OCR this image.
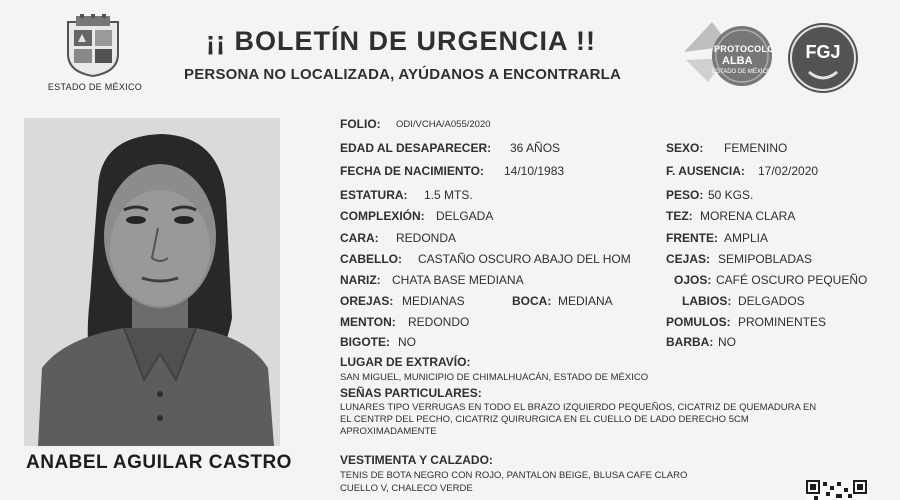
ESTADO DE MÉXICO
¡¡ BOLETÍN DE URGENCIA !!
PERSONA NO LOCALIZADA, AYÚDANOS A ENCONTRARLA
PROTOCOLO
ALBA
ESTADO DE MÉXICO
FGJ
ANABEL AGUILAR CASTRO
FOLIO: ODI/VCHA/A055/2020
EDAD AL DESAPARECER: 36 AÑOS
FECHA DE NACIMIENTO: 14/10/1983
ESTATURA: 1.5 MTS.
COMPLEXIÓN: DELGADA
CARA: REDONDA
CABELLO: CASTAÑO OSCURO ABAJO DEL HOM
NARIZ: CHATA BASE MEDIANA
OREJAS: MEDIANAS	BOCA: MEDIANA
MENTON: REDONDO
BIGOTE: NO
SEXO: FEMENINO
F. AUSENCIA: 17/02/2020
PESO: 50 KGS.
TEZ: MORENA CLARA
FRENTE: AMPLIA
CEJAS: SEMIPOBLADAS
OJOS: CAFÉ OSCURO PEQUEÑO
LABIOS: DELGADOS
POMULOS: PROMINENTES
BARBA: NO
LUGAR DE EXTRAVÍO:
SAN MIGUEL, MUNICIPIO DE CHIMALHUACÁN, ESTADO DE MÉXICO
SEÑAS PARTICULARES:
LUNARES TIPO VERRUGAS EN TODO EL BRAZO IZQUIERDO PEQUEÑOS, CICATRIZ DE QUEMADURA EN
EL CENTRP DEL PECHO, CICATRIZ QUIRURGICA EN EL CUELLO DE LADO DERECHO 5CM
APROXIMADAMENTE
VESTIMENTA Y CALZADO:
TENIS DE BOTA NEGRO CON ROJO, PANTALON BEIGE, BLUSA CAFE CLARO
CUELLO V, CHALECO VERDE
